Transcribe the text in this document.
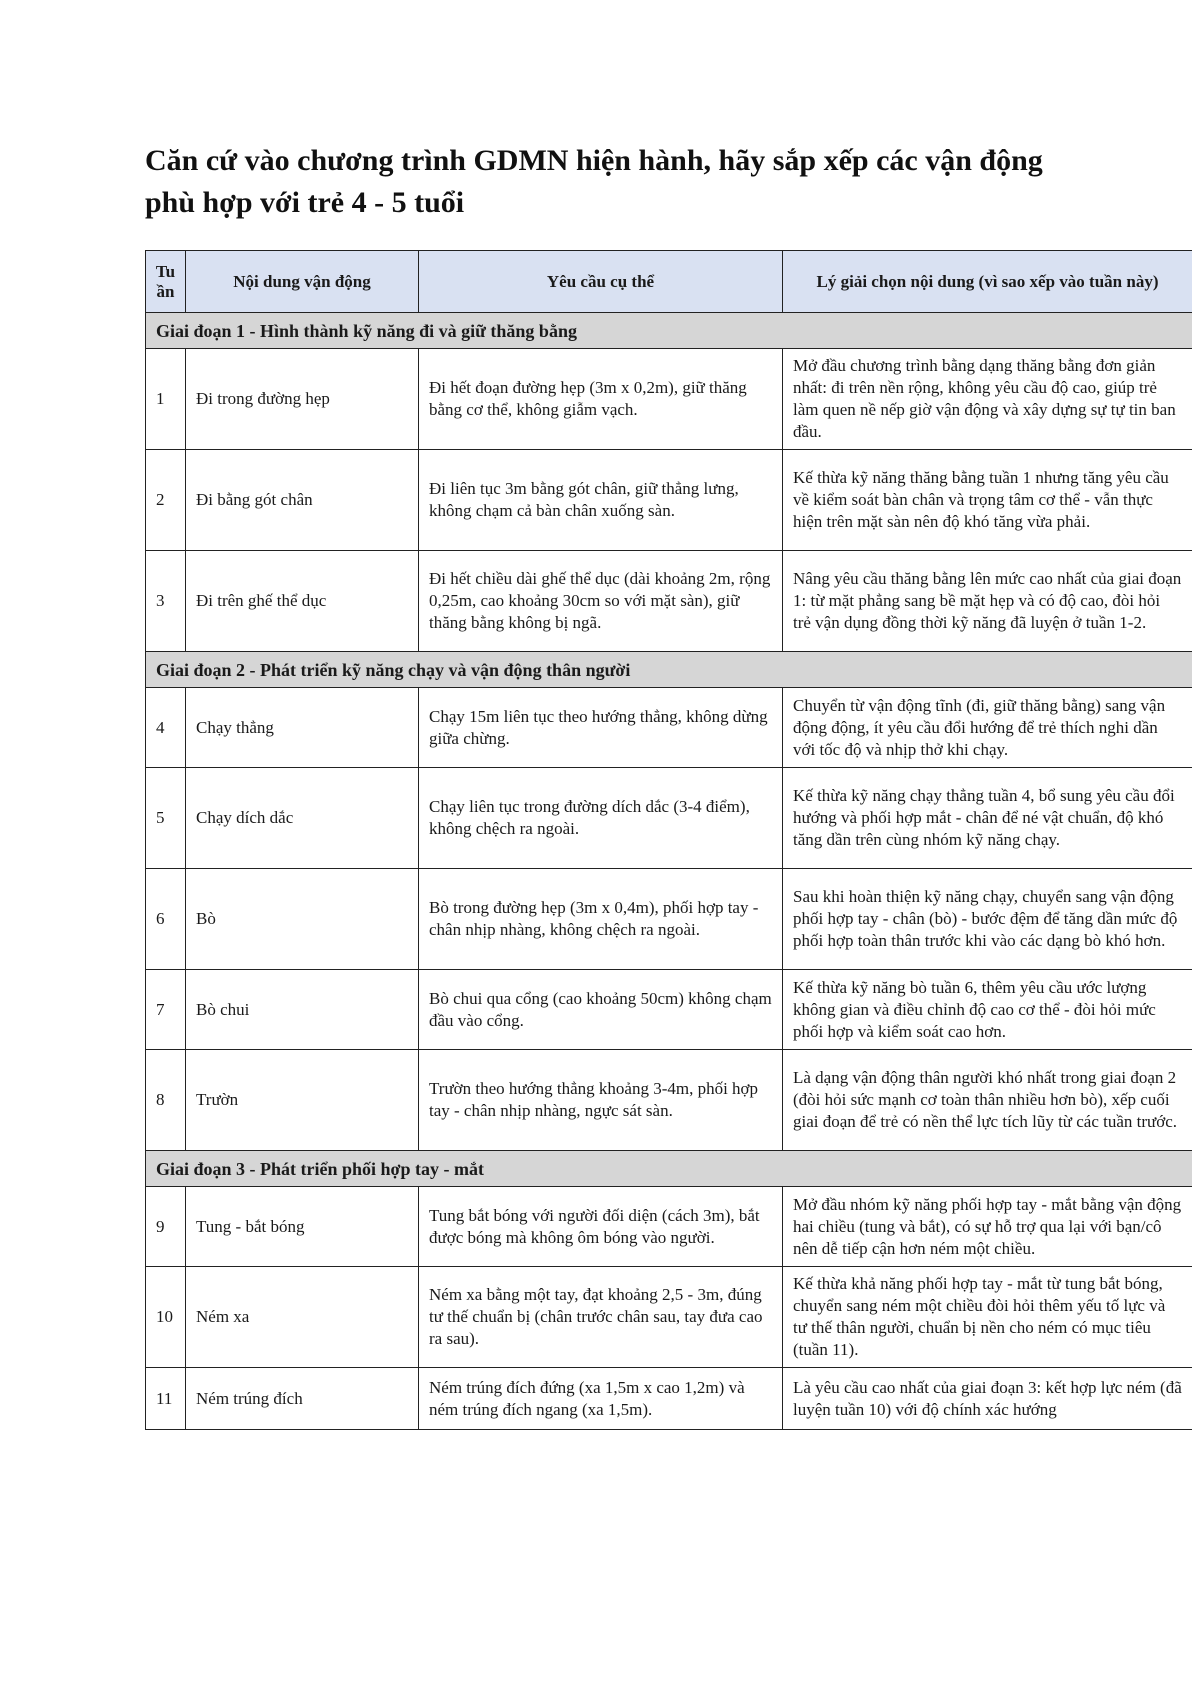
Căn cứ vào chương trình GDMN hiện hành, hãy sắp xếp các vận động phù hợp với trẻ 4 - 5 tuổi
Tu ần	Nội dung vận động	Yêu cầu cụ thể	Lý giải chọn nội dung (vì sao xếp vào tuần này)
Giai đoạn 1 - Hình thành kỹ năng đi và giữ thăng bằng			
1	Đi trong đường hẹp	Đi hết đoạn đường hẹp (3m x 0,2m), giữ thăng bằng cơ thể, không giẫm vạch.	Mở đầu chương trình bằng dạng thăng bằng đơn giản nhất: đi trên nền rộng, không yêu cầu độ cao, giúp trẻ làm quen nề nếp giờ vận động và xây dựng sự tự tin ban đầu.
2	Đi bằng gót chân	Đi liên tục 3m bằng gót chân, giữ thẳng lưng, không chạm cả bàn chân xuống sàn.	Kế thừa kỹ năng thăng bằng tuần 1 nhưng tăng yêu cầu về kiểm soát bàn chân và trọng tâm cơ thể - vẫn thực hiện trên mặt sàn nên độ khó tăng vừa phải.
3	Đi trên ghế thể dục	Đi hết chiều dài ghế thể dục (dài khoảng 2m, rộng 0,25m, cao khoảng 30cm so với mặt sàn), giữ thăng bằng không bị ngã.	Nâng yêu cầu thăng bằng lên mức cao nhất của giai đoạn 1: từ mặt phẳng sang bề mặt hẹp và có độ cao, đòi hỏi trẻ vận dụng đồng thời kỹ năng đã luyện ở tuần 1-2.
Giai đoạn 2 - Phát triển kỹ năng chạy và vận động thân người			
4	Chạy thẳng	Chạy 15m liên tục theo hướng thẳng, không dừng giữa chừng.	Chuyển từ vận động tĩnh (đi, giữ thăng bằng) sang vận động động, ít yêu cầu đổi hướng để trẻ thích nghi dần với tốc độ và nhịp thở khi chạy.
5	Chạy dích dắc	Chạy liên tục trong đường dích dắc (3-4 điểm), không chệch ra ngoài.	Kế thừa kỹ năng chạy thẳng tuần 4, bổ sung yêu cầu đổi hướng và phối hợp mắt - chân để né vật chuẩn, độ khó tăng dần trên cùng nhóm kỹ năng chạy.
6	Bò	Bò trong đường hẹp (3m x 0,4m), phối hợp tay - chân nhịp nhàng, không chệch ra ngoài.	Sau khi hoàn thiện kỹ năng chạy, chuyển sang vận động phối hợp tay - chân (bò) - bước đệm để tăng dần mức độ phối hợp toàn thân trước khi vào các dạng bò khó hơn.
7	Bò chui	Bò chui qua cổng (cao khoảng 50cm) không chạm đầu vào cổng.	Kế thừa kỹ năng bò tuần 6, thêm yêu cầu ước lượng không gian và điều chỉnh độ cao cơ thể - đòi hỏi mức phối hợp và kiểm soát cao hơn.
8	Trườn	Trườn theo hướng thẳng khoảng 3-4m, phối hợp tay - chân nhịp nhàng, ngực sát sàn.	Là dạng vận động thân người khó nhất trong giai đoạn 2 (đòi hỏi sức mạnh cơ toàn thân nhiều hơn bò), xếp cuối giai đoạn để trẻ có nền thể lực tích lũy từ các tuần trước.
Giai đoạn 3 - Phát triển phối hợp tay - mắt			
9	Tung - bắt bóng	Tung bắt bóng với người đối diện (cách 3m), bắt được bóng mà không ôm bóng vào người.	Mở đầu nhóm kỹ năng phối hợp tay - mắt bằng vận động hai chiều (tung và bắt), có sự hỗ trợ qua lại với bạn/cô nên dễ tiếp cận hơn ném một chiều.
10	Ném xa	Ném xa bằng một tay, đạt khoảng 2,5 - 3m, đúng tư thế chuẩn bị (chân trước chân sau, tay đưa cao ra sau).	Kế thừa khả năng phối hợp tay - mắt từ tung bắt bóng, chuyển sang ném một chiều đòi hỏi thêm yếu tố lực và tư thế thân người, chuẩn bị nền cho ném có mục tiêu (tuần 11).
11	Ném trúng đích	Ném trúng đích đứng (xa 1,5m x cao 1,2m) và ném trúng đích ngang (xa 1,5m).	Là yêu cầu cao nhất của giai đoạn 3: kết hợp lực ném (đã luyện tuần 10) với độ chính xác hướng
